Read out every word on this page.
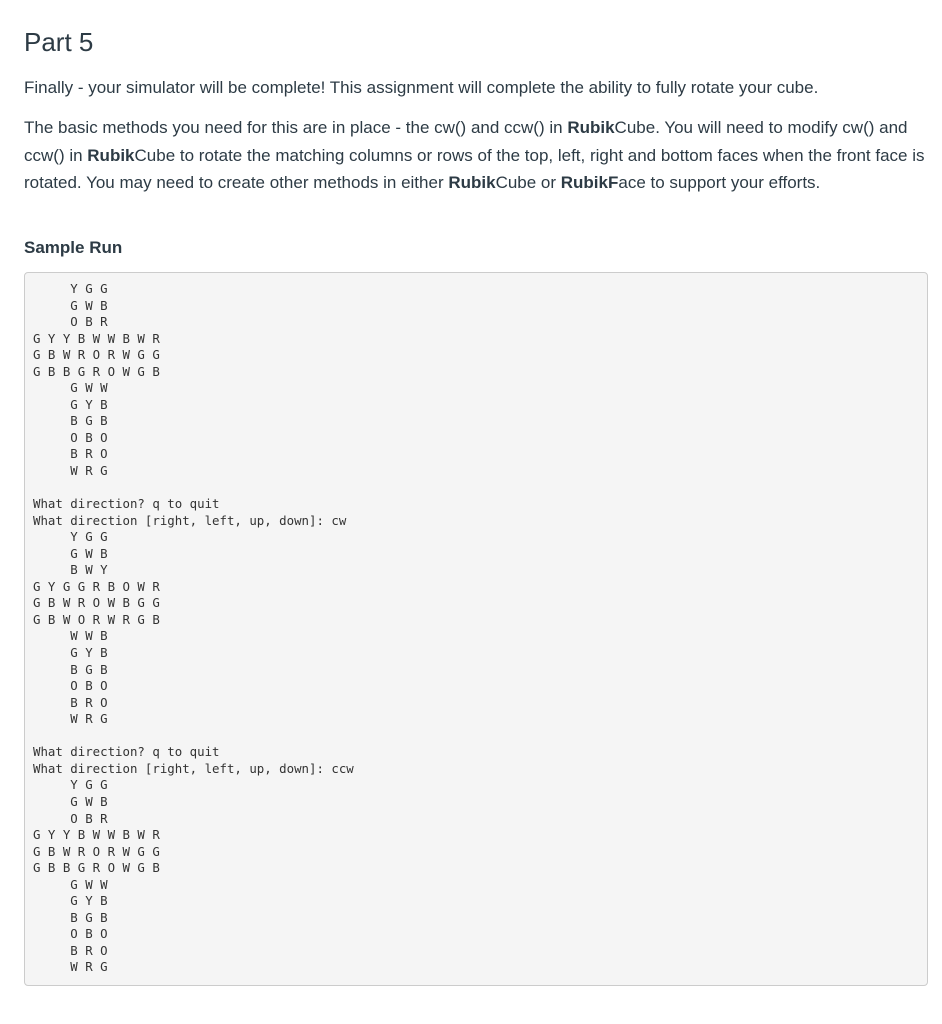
Part 5

Finally - your simulator will be complete! This assignment will complete the ability to fully rotate your cube.

The basic methods you need for this are in place - the cw() and ccw() in RubikCube. You will need to modify cw() and ccw() in RubikCube to rotate the matching columns or rows of the top, left, right and bottom faces when the front face is rotated. You may need to create other methods in either RubikCube or RubikFace to support your efforts.

Sample Run
Y G G
G W B
O B R
G Y Y B W W B W R
G B W R O R W G G
G B B G R O W G B
G W W
G Y B
B G B
O B O
B R O
W R G

What direction? q to quit
What direction [right, left, up, down]: cw
Y G G
G W B
B W Y
G Y G G R B O W R
G B W R O W B G G
G B W O R W R G B
W W B
G Y B
B G B
O B O
B R O
W R G

What direction? q to quit
What direction [right, left, up, down]: ccw
Y G G
G W B
O B R
G Y Y B W W B W R
G B W R O R W G G
G B B G R O W G B
G W W
G Y B
B G B
O B O
B R O
W R G
